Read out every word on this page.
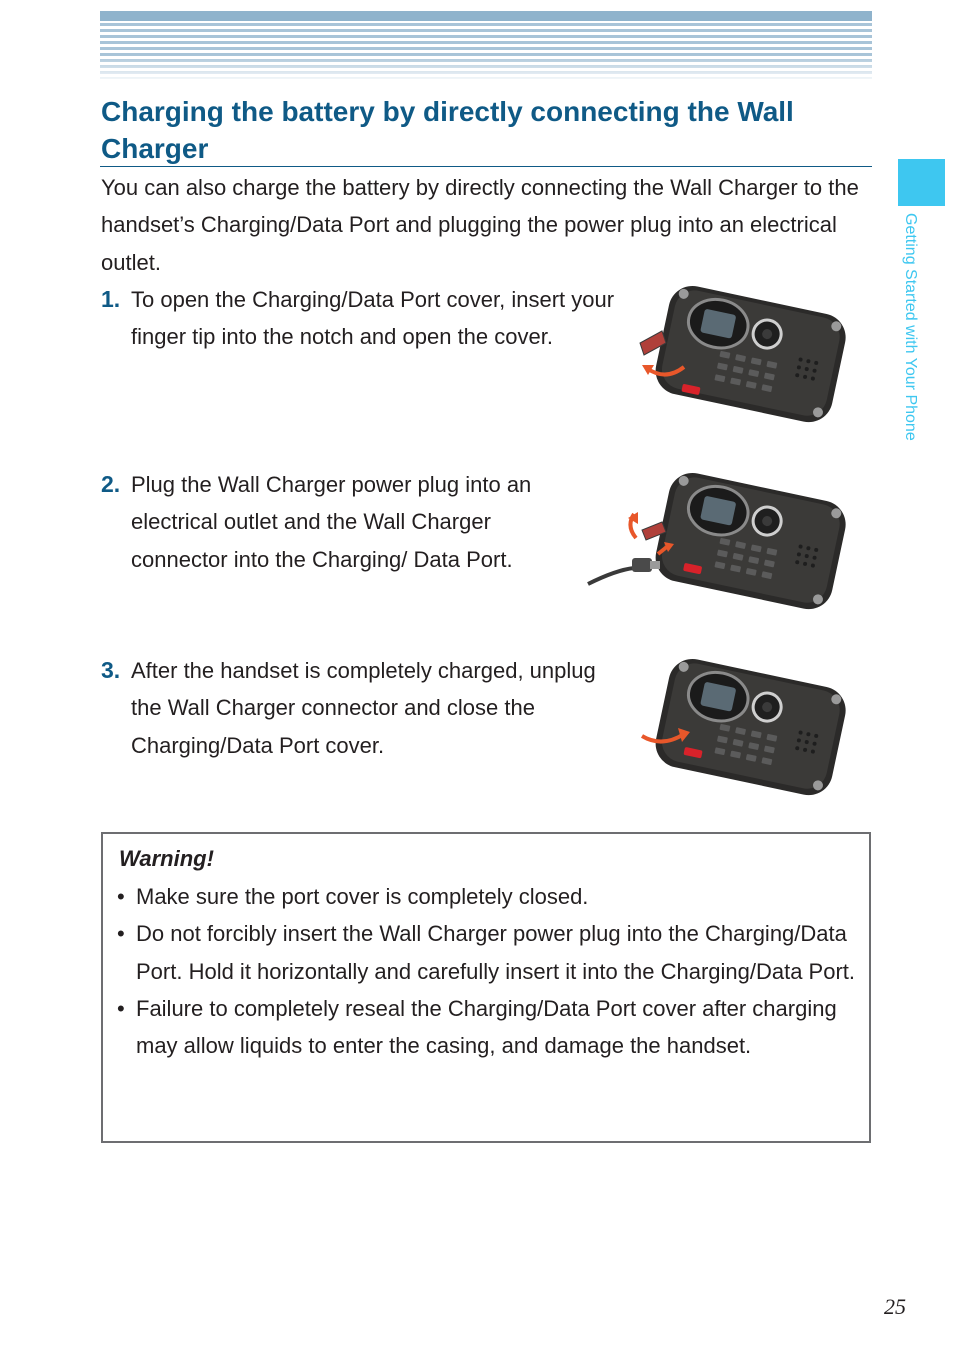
Charging the battery by directly connecting the Wall Charger
Getting Started with Your Phone

You can also charge the battery by directly connecting the Wall Charger to the handset’s Charging/Data Port and plugging the power plug into an electrical outlet.

1. To open the Charging/Data Port cover, insert your finger tip into the notch and open the cover.

2. Plug the Wall Charger power plug into an electrical outlet and the Wall Charger connector into the Charging/ Data Port.

3. After the handset is completely charged, unplug the Wall Charger connector and close the Charging/Data Port cover.

Warning!
• Make sure the port cover is completely closed.
• Do not forcibly insert the Wall Charger power plug into the Charging/Data Port. Hold it horizontally and carefully insert it into the Charging/Data Port.
• Failure to completely reseal the Charging/Data Port cover after charging may allow liquids to enter the casing, and damage the handset.
25
